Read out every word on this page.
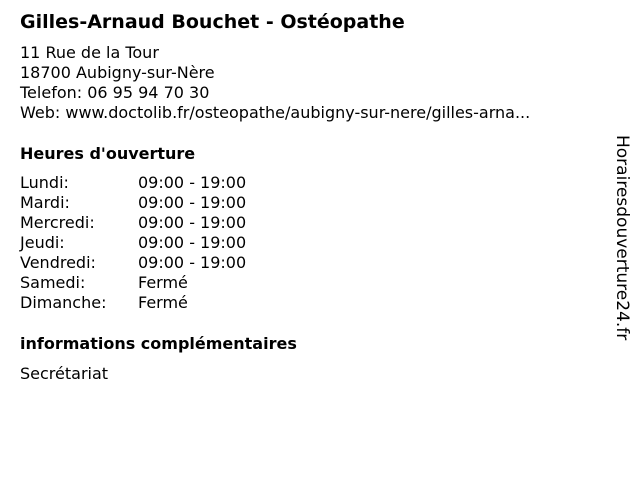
Gilles-Arnaud Bouchet - Ostéopathe
11 Rue de la Tour
18700 Aubigny-sur-Nère
Telefon: 06 95 94 70 30
Web: www.doctolib.fr/osteopathe/aubigny-sur-nere/gilles-arna...
Heures d'ouverture
Lundi:	09:00 - 19:00
Mardi:	09:00 - 19:00
Mercredi:	09:00 - 19:00
Jeudi:	09:00 - 19:00
Vendredi:	09:00 - 19:00
Samedi:	Fermé
Dimanche: Fermé
informations complémentaires
Secrétariat
Horairesdouverture24.fr
